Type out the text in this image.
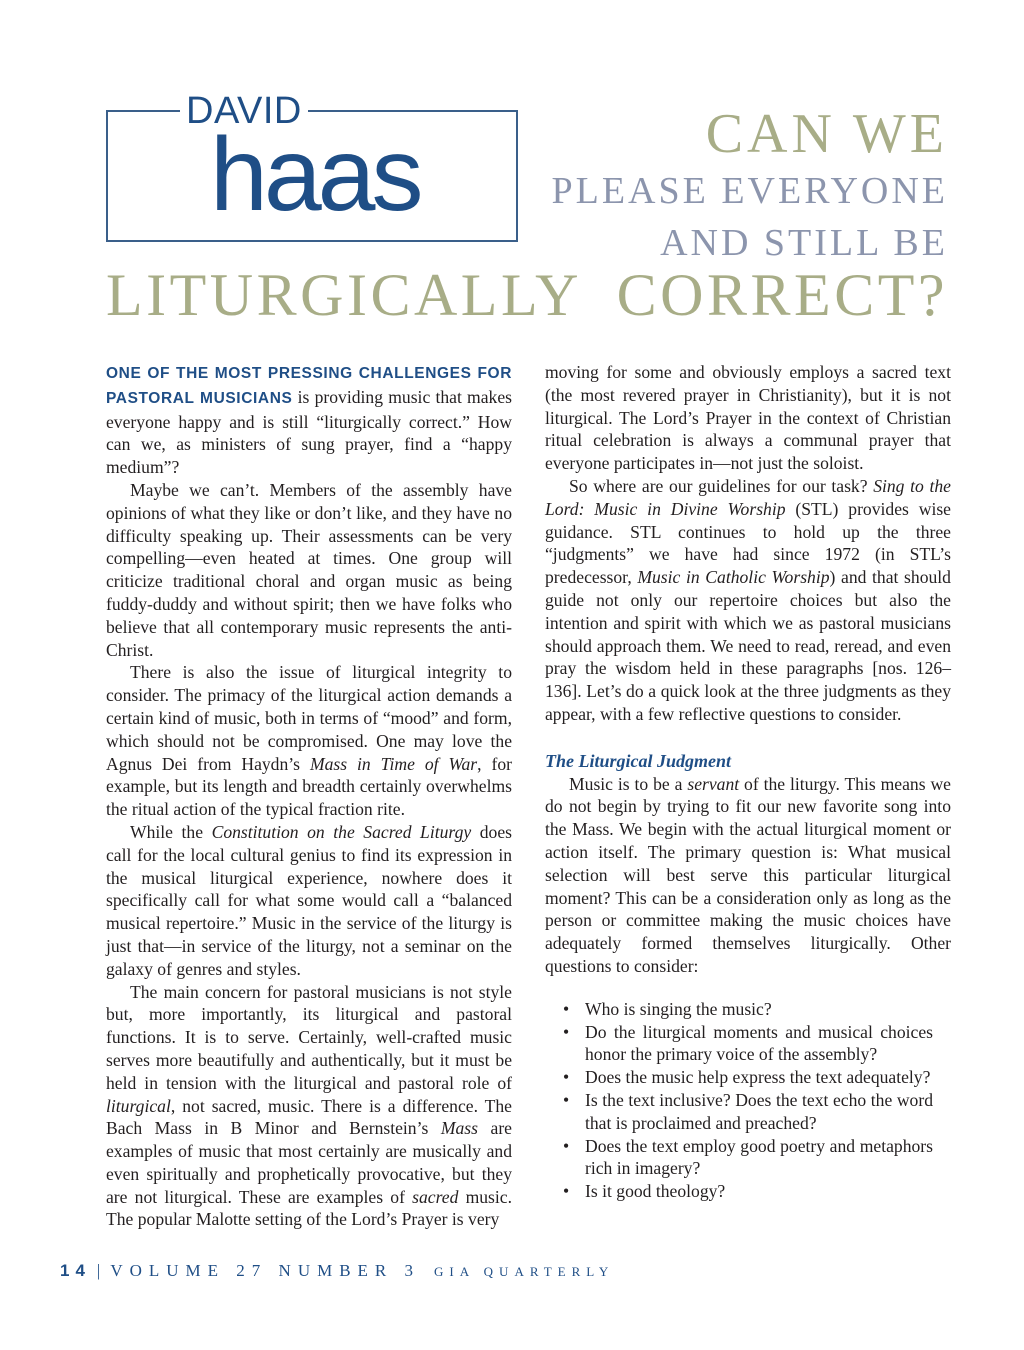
DAVID
haas	CAN WE
PLEASE EVERYONE
AND STILL BE
LITURGICALLY CORRECT?

ONE OF THE MOST PRESSING CHALLENGES FOR PASTORAL MUSICIANS is providing music that makes everyone happy and is still “liturgically correct.” How can we, as ministers of sung prayer, find a “happy medium”?

Maybe we can’t. Members of the assembly have opinions of what they like or don’t like, and they have no difficulty speaking up. Their assessments can be very compelling—even heated at times. One group will criticize traditional choral and organ music as being fuddy-duddy and without spirit; then we have folks who believe that all contemporary music represents the anti-Christ.

There is also the issue of liturgical integrity to consider. The primacy of the liturgical action demands a certain kind of music, both in terms of “mood” and form, which should not be compromised. One may love the Agnus Dei from Haydn’s Mass in Time of War, for example, but its length and breadth certainly overwhelms the ritual action of the typical fraction rite.

While the Constitution on the Sacred Liturgy does call for the local cultural genius to find its expression in the musical liturgical experience, nowhere does it specifically call for what some would call a “balanced musical repertoire.” Music in the service of the liturgy is just that—in service of the liturgy, not a seminar on the galaxy of genres and styles.

The main concern for pastoral musicians is not style but, more importantly, its liturgical and pastoral functions. It is to serve. Certainly, well-crafted music serves more beautifully and authentically, but it must be held in tension with the liturgical and pastoral role of liturgical, not sacred, music. There is a difference. The Bach Mass in B Minor and Bernstein’s Mass are examples of music that most certainly are musically and even spiritually and prophetically provocative, but they are not liturgical. These are examples of sacred music. The popular Malotte setting of the Lord’s Prayer is very

moving for some and obviously employs a sacred text (the most revered prayer in Christianity), but it is not liturgical. The Lord’s Prayer in the context of Christian ritual celebration is always a communal prayer that everyone participates in—not just the soloist.

So where are our guidelines for our task? Sing to the Lord: Music in Divine Worship (STL) provides wise guidance. STL continues to hold up the three “judgments” we have had since 1972 (in STL’s predecessor, Music in Catholic Worship) and that should guide not only our repertoire choices but also the intention and spirit with which we as pastoral musicians should approach them. We need to read, reread, and even pray the wisdom held in these paragraphs [nos. 126–136]. Let’s do a quick look at the three judgments as they appear, with a few reflective questions to consider.

The Liturgical Judgment

Music is to be a servant of the liturgy. This means we do not begin by trying to fit our new favorite song into the Mass. We begin with the actual liturgical moment or action itself. The primary question is: What musical selection will best serve this particular liturgical moment? This can be a consideration only as long as the person or committee making the music choices have adequately formed themselves liturgically. Other questions to consider:

• Who is singing the music?
• Do the liturgical moments and musical choices honor the primary voice of the assembly?
• Does the music help express the text adequately?
• Is the text inclusive? Does the text echo the word that is proclaimed and preached?
• Does the text employ good poetry and metaphors rich in imagery?
• Is it good theology?
14 | VOLUME 27 NUMBER 3 GIA QUARTERLY
